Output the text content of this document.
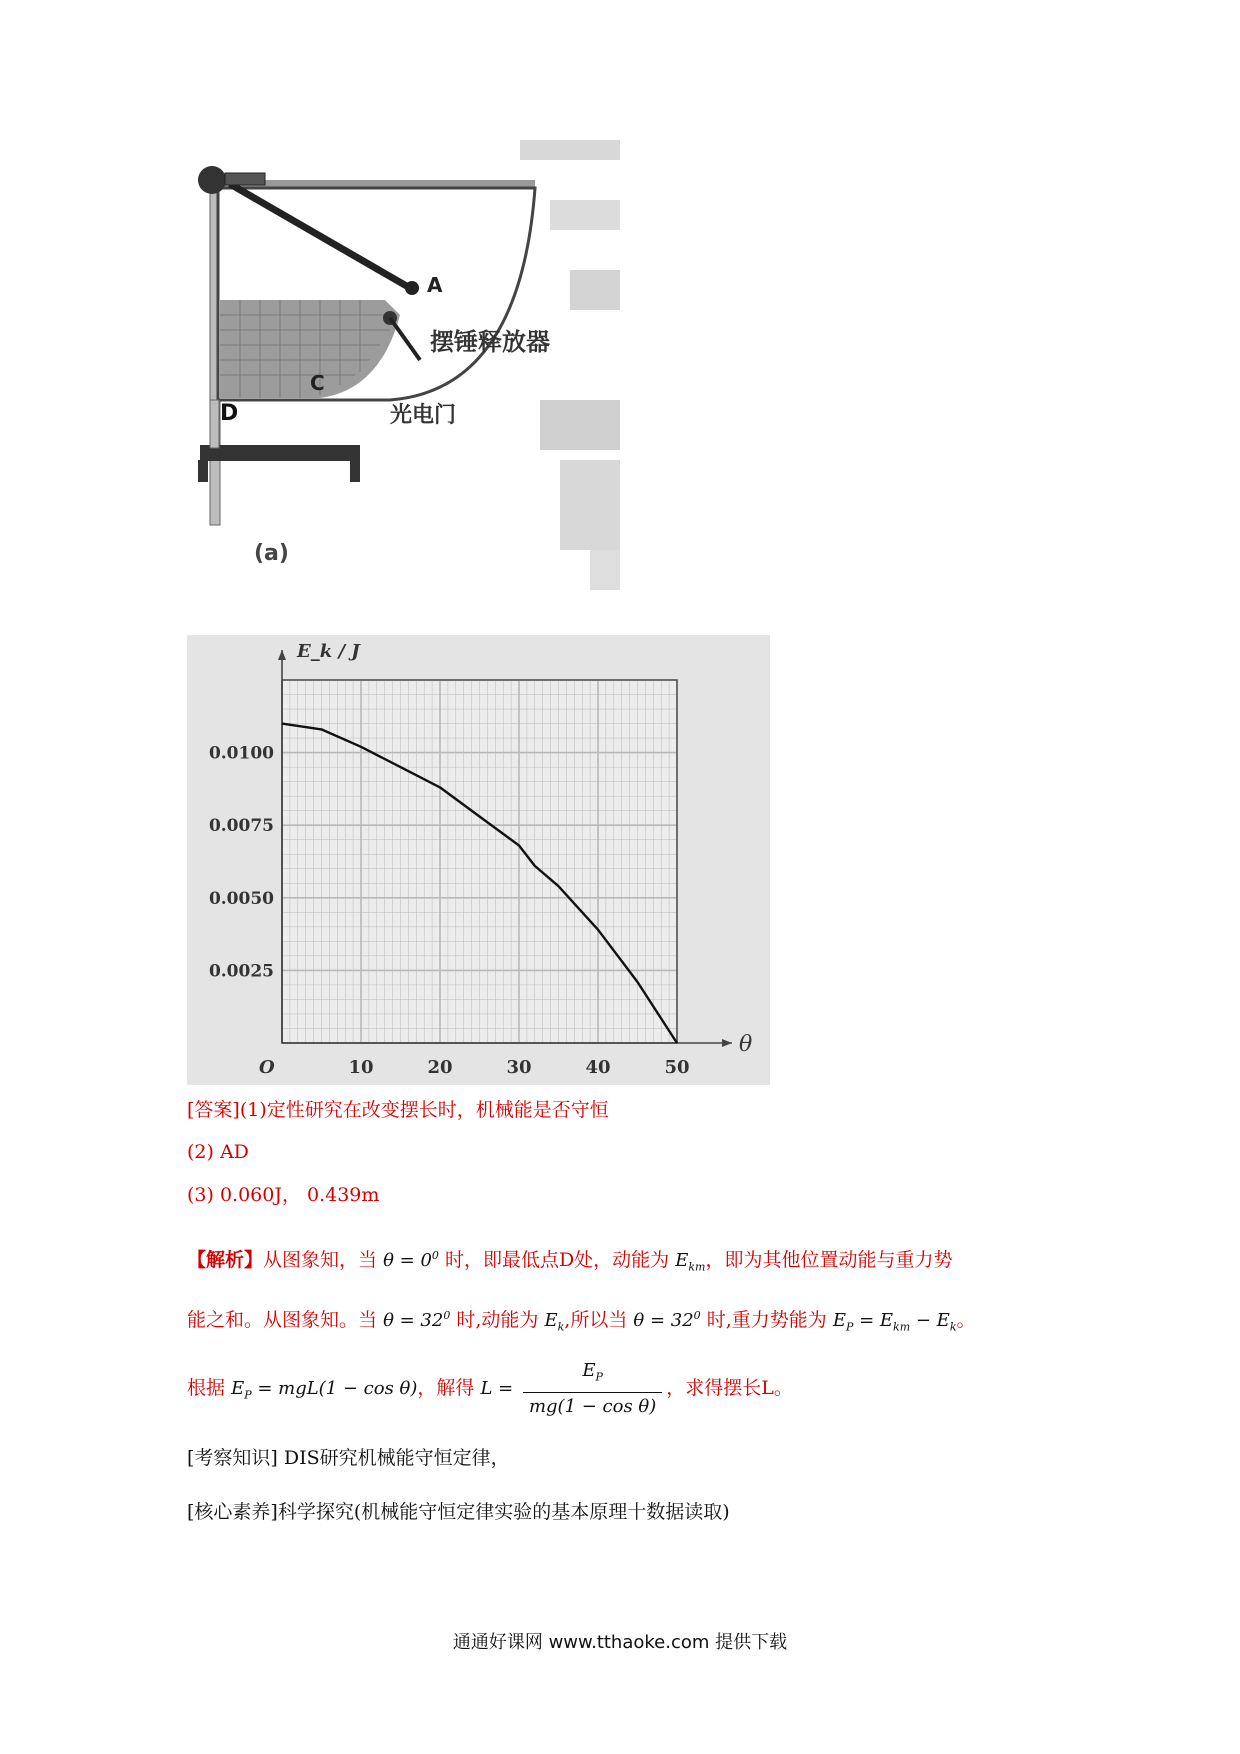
A
C
D
摆锤释放器
光电门
(a)
10	20	30	40	50
0.0025
0.0050
0.0075
0.0100
O
θ
E_k / J
[答案](1)定性研究在改变摆长时，机械能是否守恒
(2) AD
(3) 0.060J， 0.439m
【解析】从图象知，当 $\theta = 0^0$ 时，即最低点D处，动能为 $E_{km}$，即为其他位置动能与重力势
能之和。从图象知。当 $\theta = 32^0$ 时,动能为 $E_k$,所以当 $\theta = 32^0$ 时,重力势能为 $E_P = E_{km} - E_k$。
根据 $E_P = mgL(1 - \cos \theta)$，解得 $L = \frac{E_P}{\text{mg(1 − cos θ)}}$ ，求得摆长L。
[考察知识] DIS研究机械能守恒定律，
[核心素养]科学探究(机械能守恒定律实验的基本原理十数据读取)
通通好课网 www.tthaoke.com 提供下载
